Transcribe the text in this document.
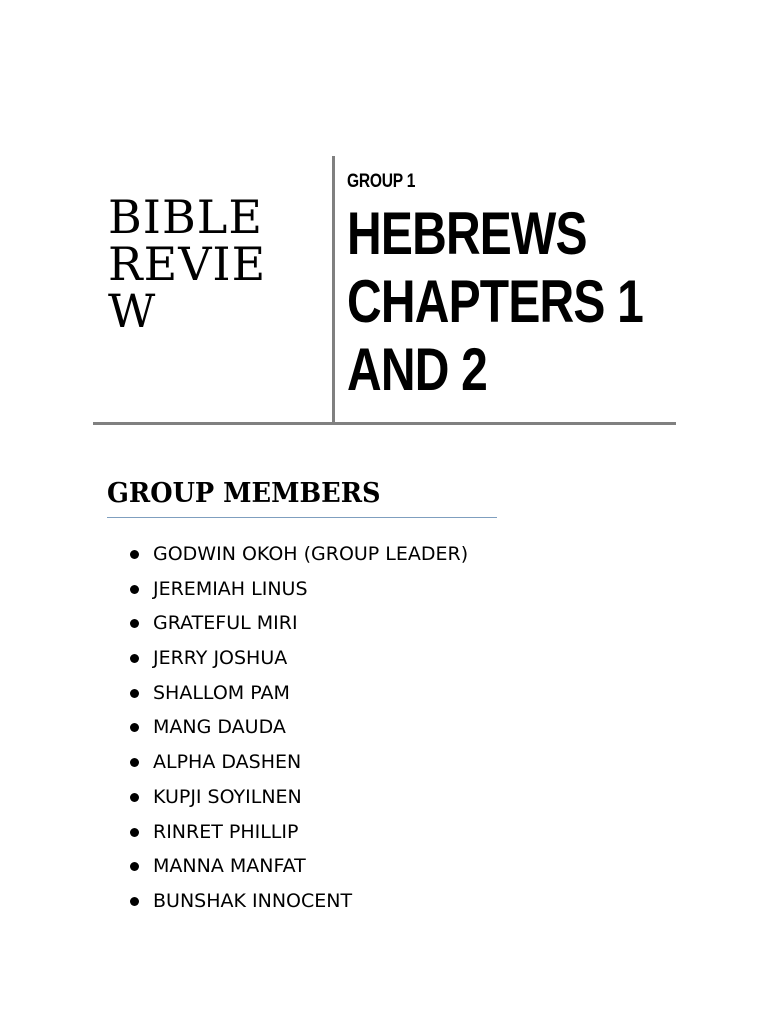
BIBLE
REVIE
W
GROUP 1
HEBREWS
CHAPTERS 1
AND 2
GROUP MEMBERS
GODWIN OKOH (GROUP LEADER)
JEREMIAH LINUS
GRATEFUL MIRI
JERRY JOSHUA
SHALLOM PAM
MANG DAUDA
ALPHA DASHEN
KUPJI SOYILNEN
RINRET PHILLIP
MANNA MANFAT
BUNSHAK INNOCENT
